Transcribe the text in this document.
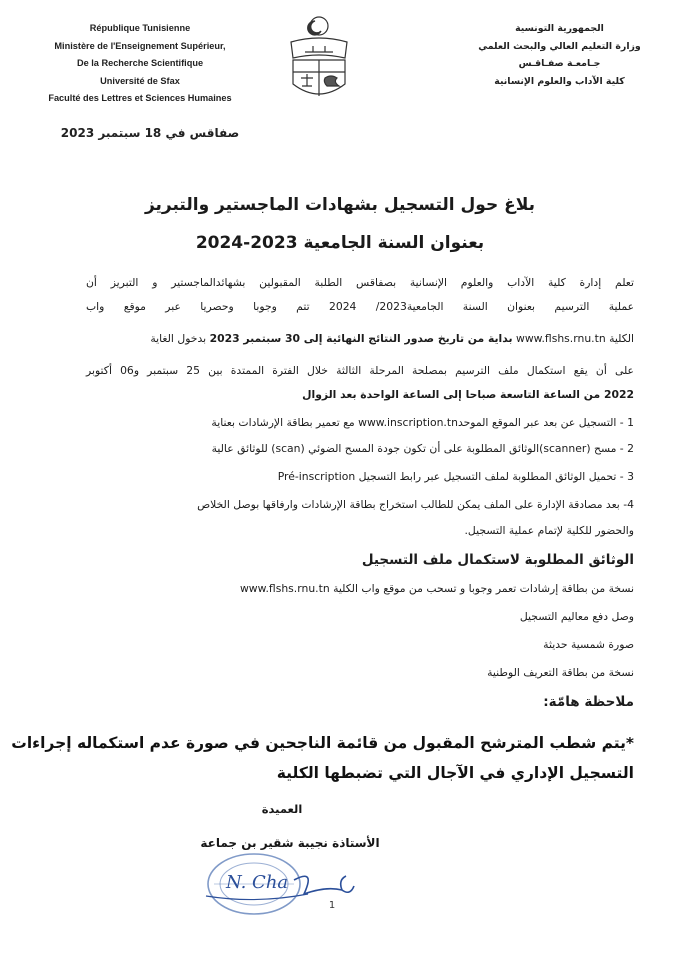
République Tunisienne
Ministère de l'Enseignement Supérieur,
De la Recherche Scientifique
Université de Sfax
Faculté des Lettres et Sciences Humaines
الجمهورية التونسية
وزارة التعليم العالي والبحث العلمي
جـامعـة صفـاقـس
كلية الآداب والعلوم الإنسانية
صفاقس في 18 سبتمبر 2023
بلاغ حول التسجيل بشهادات الماجستير والتبريز
بعنوان السنة الجامعية 2023-2024
تعلم إدارة كلية الآداب والعلوم الإنسانية بصفاقس الطلبة المقبولين بشهائدالماجستير و التبريز أن
عملية الترسيم بعنوان السنة الجامعية2023/ 2024 تتم وجوبا وحصريا عبر موقع واب
الكلية www.flshs.rnu.tn بداية من تاريخ صدور النتائج النهائية إلى 30 سبتمبر 2023 بدخول الغاية
على أن يقع استكمال ملف الترسيم بمصلحة المرحلة الثالثة خلال الفترة الممتدة بين 25 سبتمبر و06 أكتوبر
2022 من الساعة التاسعة صباحا إلى الساعة الواحدة بعد الزوال
1 - التسجيل عن بعد عبر الموقع الموحدwww.inscription.tn مع تعمير بطاقة الإرشادات بعناية
2 - مسح (scanner)الوثائق المطلوبة على أن تكون جودة المسح الضوئي (scan) للوثائق عالية
3 - تحميل الوثائق المطلوبة لملف التسجيل عبر رابط التسجيل Pré-inscription
4- بعد مصادقة الإدارة على الملف يمكن للطالب استخراج بطاقة الإرشادات وارفاقها بوصل الخلاص
والحضور للكلية لإتمام عملية التسجيل.
الوثائق المطلوبة لاستكمال ملف التسجيل
نسخة من بطاقة إرشادات تعمر وجوبا و تسحب من موقع واب الكلية www.flshs.rnu.tn
وصل دفع معاليم التسجيل
صورة شمسية حديثة
نسخة من بطاقة التعريف الوطنية
ملاحظة هامّة:
*يتم شطب المترشح المقبول من قائمة الناجحين في صورة عدم استكماله إجراءات
التسجيل الإداري في الآجال التي تضبطها الكلية
العميدة
الأستاذة نجيبة شقير بن جماعة
N. Cha
1
